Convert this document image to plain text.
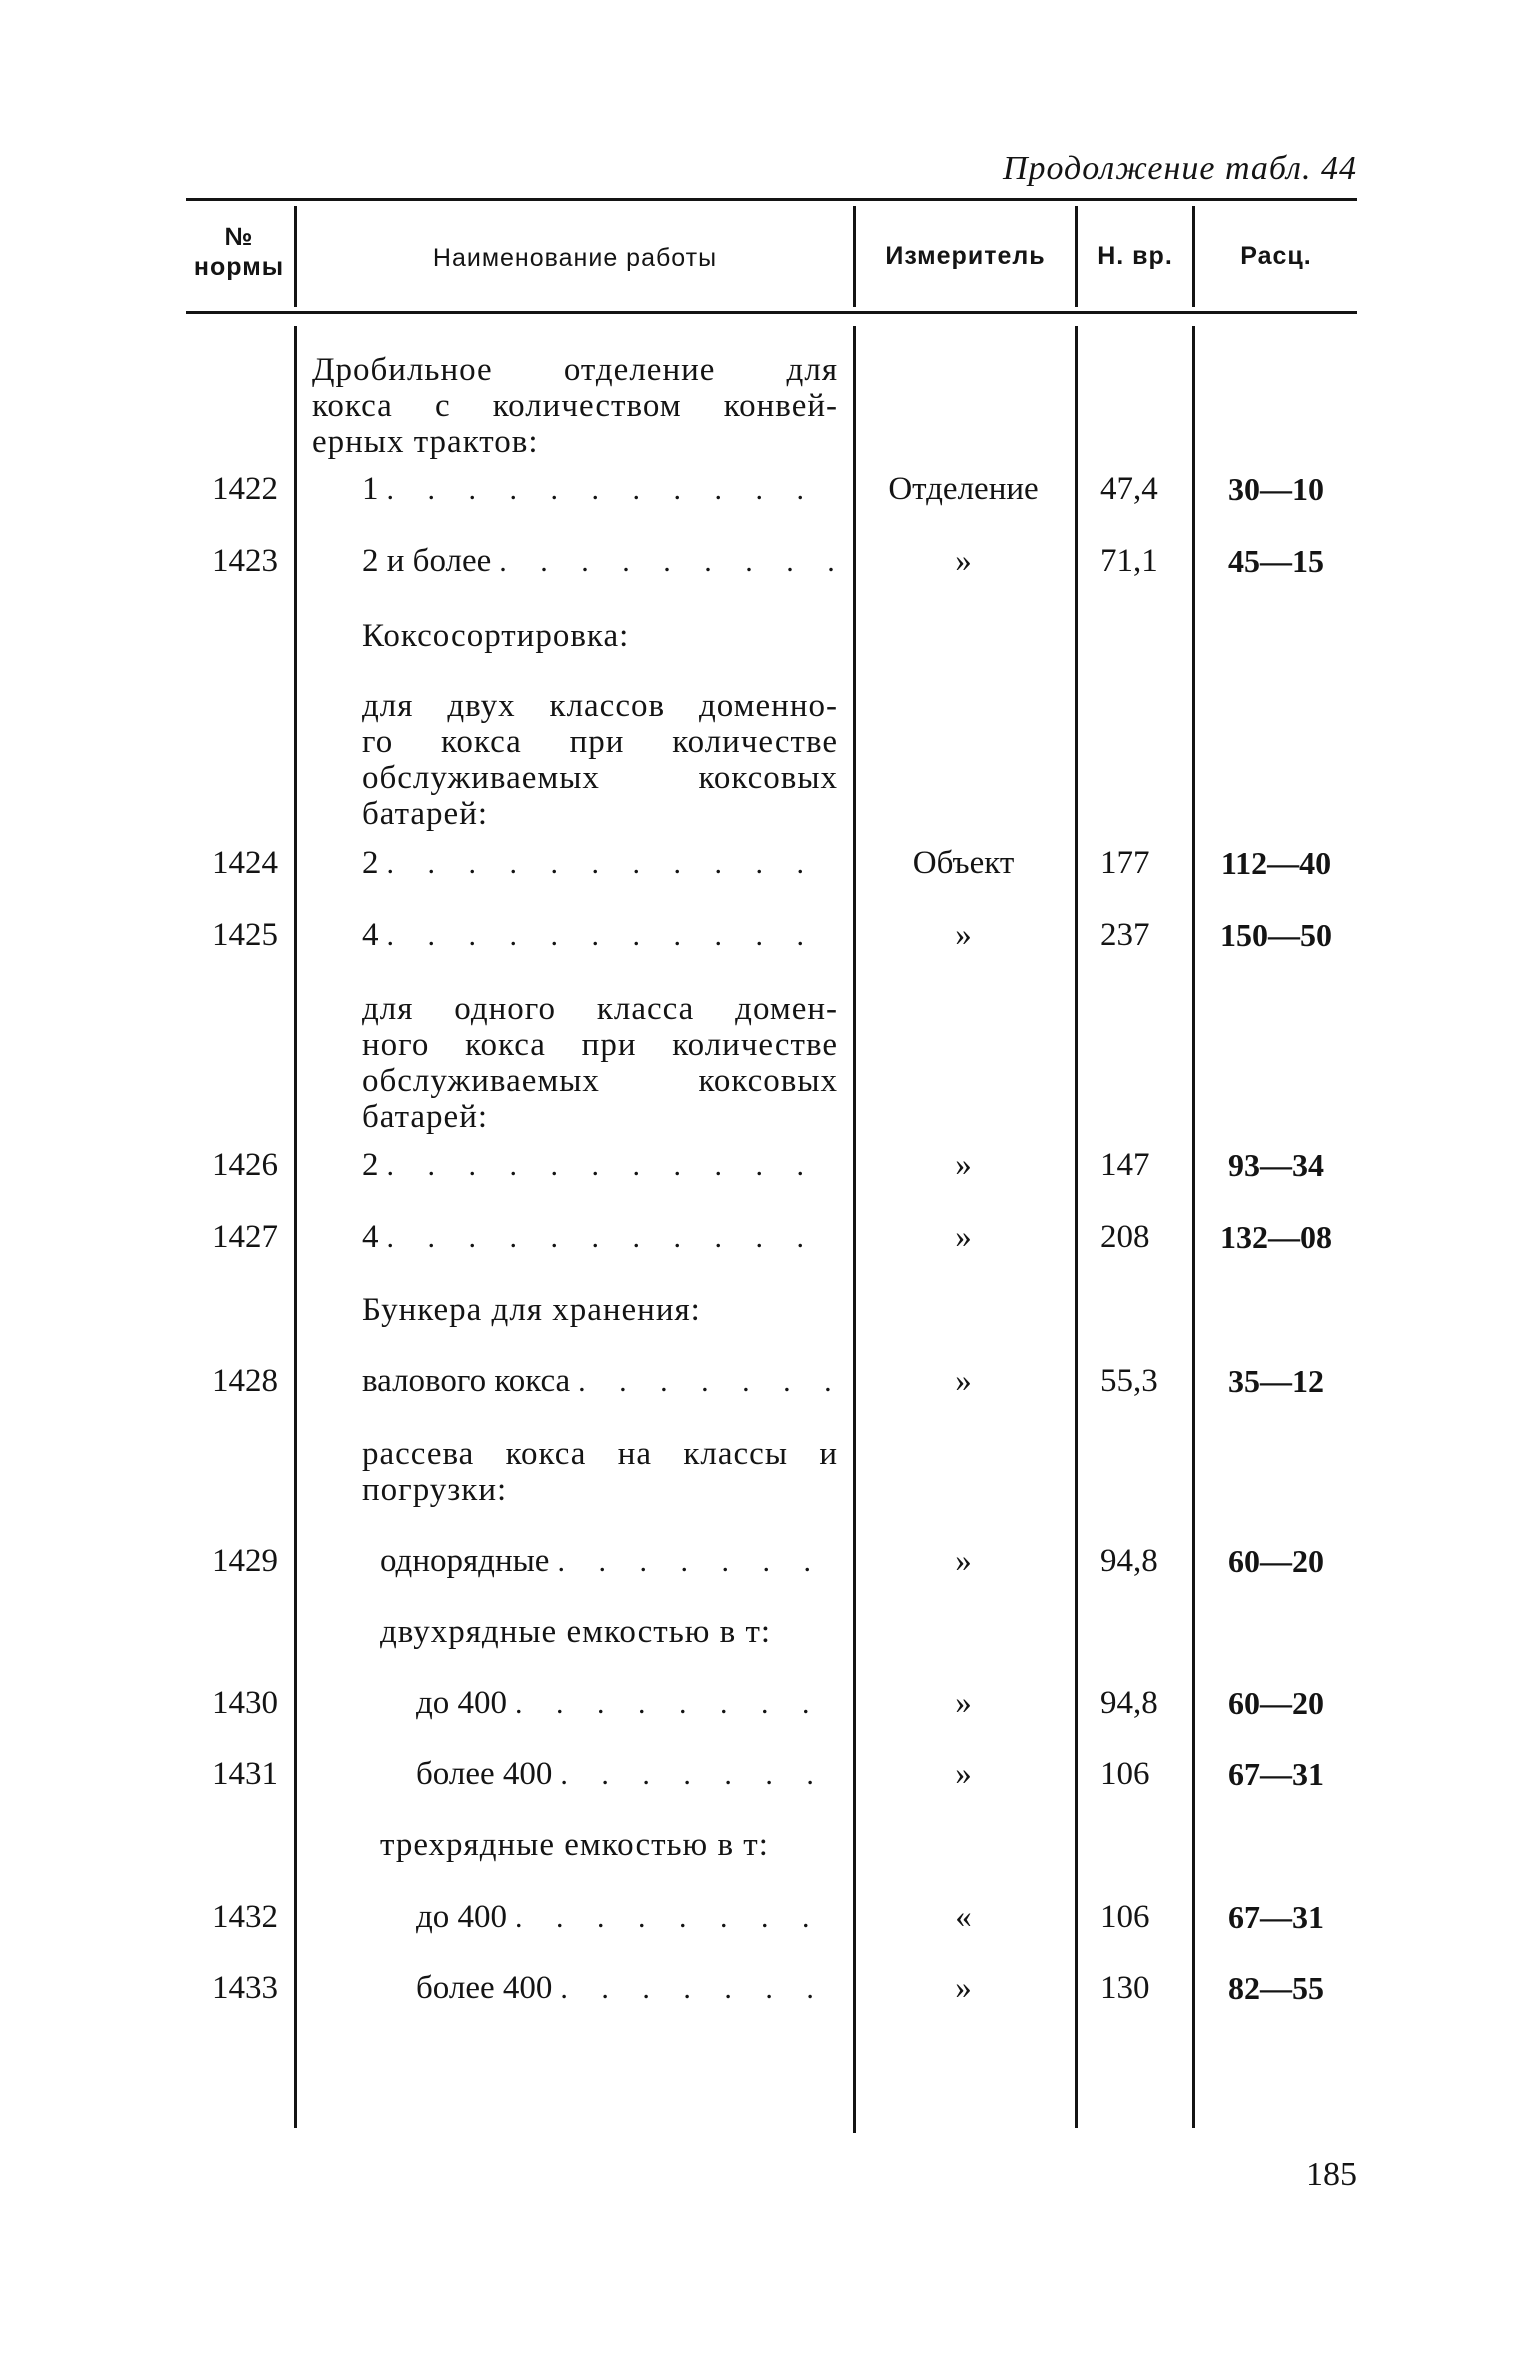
Продолжение табл. 44
№
нормы	Наименование работы	Измеритель	Н. вр.	Расц.
Дробильное отделение для
кокса с количеством конвей-
ерных трактов:
1422	1 . . .	Отделение	47,4	30—10
1423	2 и более . . .	»	71,1	45—15
Коксосортировка:
для двух классов доменно-
го кокса при количестве
обслуживаемых коксовых
батарей:
1424	2 . . .	Объект	177	112—40
1425	4 . . .	»	237	150—50
для одного класса домен-
ного кокса при количестве
обслуживаемых коксовых
батарей:
1426	2 . . .	»	147	93—34
1427	4 . . .	»	208	132—08
Бункера для хранения:
1428	валового кокса . . .	»	55,3	35—12
рассева кокса на классы и
погрузки:
1429	однорядные . . .	»	94,8	60—20
двухрядные емкостью в т:
1430	до 400 . . .	»	94,8	60—20
1431	более 400 . . .	»	106	67—31
трехрядные емкостью в т:
1432	до 400 . . .	«	106	67—31
1433	более 400 . . .	»	130	82—55
185
